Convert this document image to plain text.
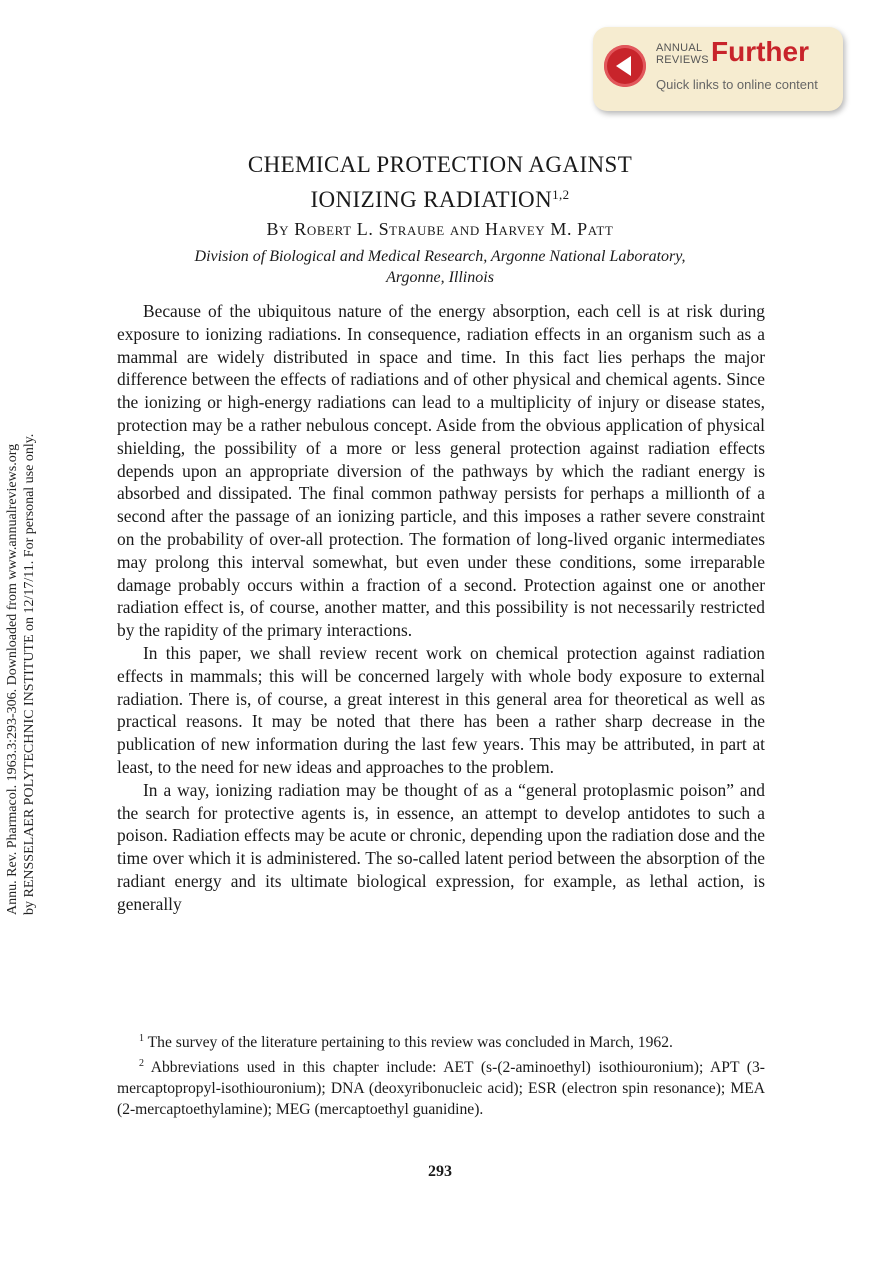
ANNUAL
REVIEWS Further
Quick links to online content
Annu. Rev. Pharmacol. 1963.3:293-306. Downloaded from www.annualreviews.org by RENSSELAER POLYTECHNIC INSTITUTE on 12/17/11. For personal use only.
CHEMICAL PROTECTION AGAINST
IONIZING RADIATION$^{1,2}$
By Robert L. Straube and Harvey M. Patt
Division of Biological and Medical Research, Argonne National Laboratory,
Argonne, Illinois

Because of the ubiquitous nature of the energy absorption, each cell is at risk during exposure to ionizing radiations. In consequence, radiation effects in an organism such as a mammal are widely distributed in space and time. In this fact lies perhaps the major difference between the effects of radiations and of other physical and chemical agents. Since the ionizing or high-energy radiations can lead to a multiplicity of injury or disease states, protection may be a rather nebulous concept. Aside from the obvious application of physical shielding, the possibility of a more or less general protection against radiation effects depends upon an appropriate diversion of the pathways by which the radiant energy is absorbed and dissipated. The final common pathway persists for perhaps a millionth of a second after the passage of an ionizing particle, and this imposes a rather severe constraint on the probability of over-all protection. The formation of long-lived organic intermediates may prolong this interval somewhat, but even under these conditions, some irreparable damage probably occurs within a fraction of a second. Protection against one or another radiation effect is, of course, another matter, and this possibility is not necessarily restricted by the rapidity of the primary interactions.

In this paper, we shall review recent work on chemical protection against radiation effects in mammals; this will be concerned largely with whole body exposure to external radiation. There is, of course, a great interest in this general area for theoretical as well as practical reasons. It may be noted that there has been a rather sharp decrease in the publication of new information during the last few years. This may be attributed, in part at least, to the need for new ideas and approaches to the problem.

In a way, ionizing radiation may be thought of as a “general protoplasmic poison” and the search for protective agents is, in essence, an attempt to develop antidotes to such a poison. Radiation effects may be acute or chronic, depending upon the radiation dose and the time over which it is administered. The so-called latent period between the absorption of the radiant energy and its ultimate biological expression, for example, as lethal action, is generally

$^1$ The survey of the literature pertaining to this review was concluded in March, 1962.

$^2$ Abbreviations used in this chapter include: AET (s-(2-aminoethyl) isothiouronium); APT (3-mercaptopropyl-isothiouronium); DNA (deoxyribonucleic acid); ESR (electron spin resonance); MEA (2-mercaptoethylamine); MEG (mercaptoethyl guanidine).

293
